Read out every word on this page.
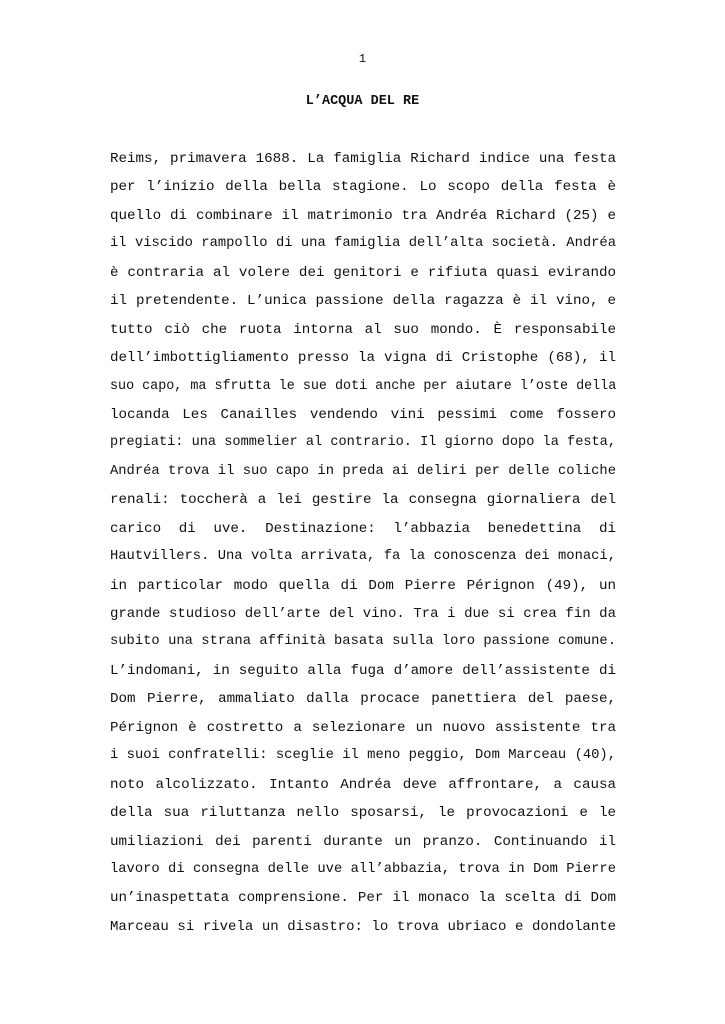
1
L’ACQUA DEL RE
Reims, primavera 1688. La famiglia Richard indice una festa
per l’inizio della bella stagione. Lo scopo della festa è
quello di combinare il matrimonio tra Andréa Richard (25) e
il viscido rampollo di una famiglia dell’alta società. Andréa
è contraria al volere dei genitori e rifiuta quasi evirando
il pretendente. L’unica passione della ragazza è il vino, e
tutto ciò che ruota intorna al suo mondo. È responsabile
dell’imbottigliamento presso la vigna di Cristophe (68), il
suo capo, ma sfrutta le sue doti anche per aiutare l’oste della
locanda Les Canailles vendendo vini pessimi come fossero
pregiati: una sommelier al contrario. Il giorno dopo la festa,
Andréa trova il suo capo in preda ai deliri per delle coliche
renali: toccherà a lei gestire la consegna giornaliera del
carico di uve. Destinazione: l’abbazia benedettina di
Hautvillers. Una volta arrivata, fa la conoscenza dei monaci,
in particolar modo quella di Dom Pierre Pérignon (49), un
grande studioso dell’arte del vino. Tra i due si crea fin da
subito una strana affinità basata sulla loro passione comune.
L’indomani, in seguito alla fuga d’amore dell’assistente di
Dom Pierre, ammaliato dalla procace panettiera del paese,
Pérignon è costretto a selezionare un nuovo assistente tra
i suoi confratelli: sceglie il meno peggio, Dom Marceau (40),
noto alcolizzato. Intanto Andréa deve affrontare, a causa
della sua riluttanza nello sposarsi, le provocazioni e le
umiliazioni dei parenti durante un pranzo. Continuando il
lavoro di consegna delle uve all’abbazia, trova in Dom Pierre
un’inaspettata comprensione. Per il monaco la scelta di Dom
Marceau si rivela un disastro: lo trova ubriaco e dondolante
